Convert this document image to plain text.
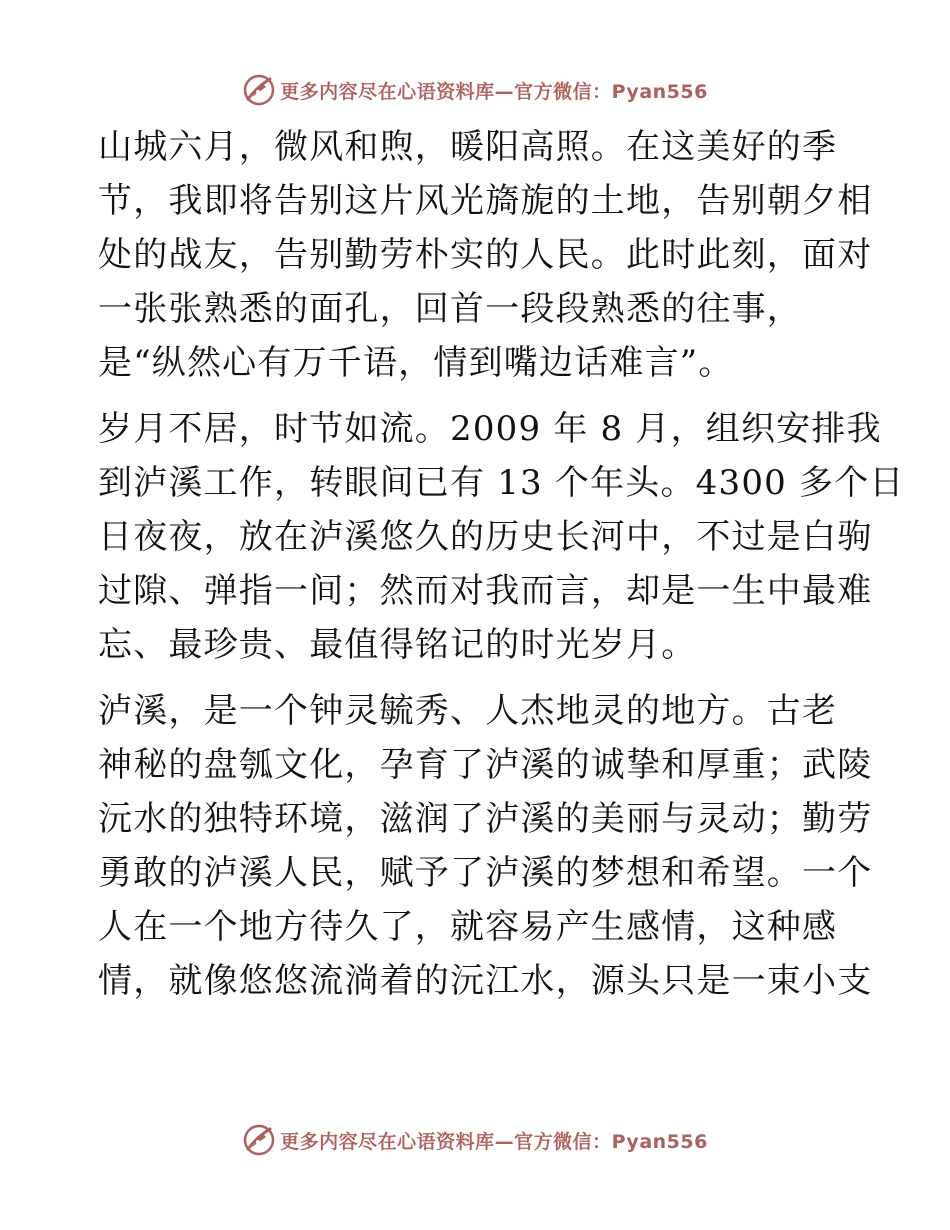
更多内容尽在心语资料库—官方微信：Pyan556
山城六月，微风和煦，暖阳高照。在这美好的季
节，我即将告别这片风光旖旎的土地，告别朝夕相
处的战友，告别勤劳朴实的人民。此时此刻，面对
一张张熟悉的面孔，回首一段段熟悉的往事，
是“纵然心有万千语，情到嘴边话难言”。
岁月不居，时节如流。2009 年 8 月，组织安排我
到泸溪工作，转眼间已有 13 个年头。4300 多个日
日夜夜，放在泸溪悠久的历史长河中，不过是白驹
过隙、弹指一间；然而对我而言，却是一生中最难
忘、最珍贵、最值得铭记的时光岁月。
泸溪，是一个钟灵毓秀、人杰地灵的地方。古老
神秘的盘瓠文化，孕育了泸溪的诚挚和厚重；武陵
沅水的独特环境，滋润了泸溪的美丽与灵动；勤劳
勇敢的泸溪人民，赋予了泸溪的梦想和希望。一个
人在一个地方待久了，就容易产生感情，这种感
情，就像悠悠流淌着的沅江水，源头只是一束小支
更多内容尽在心语资料库—官方微信：Pyan556
